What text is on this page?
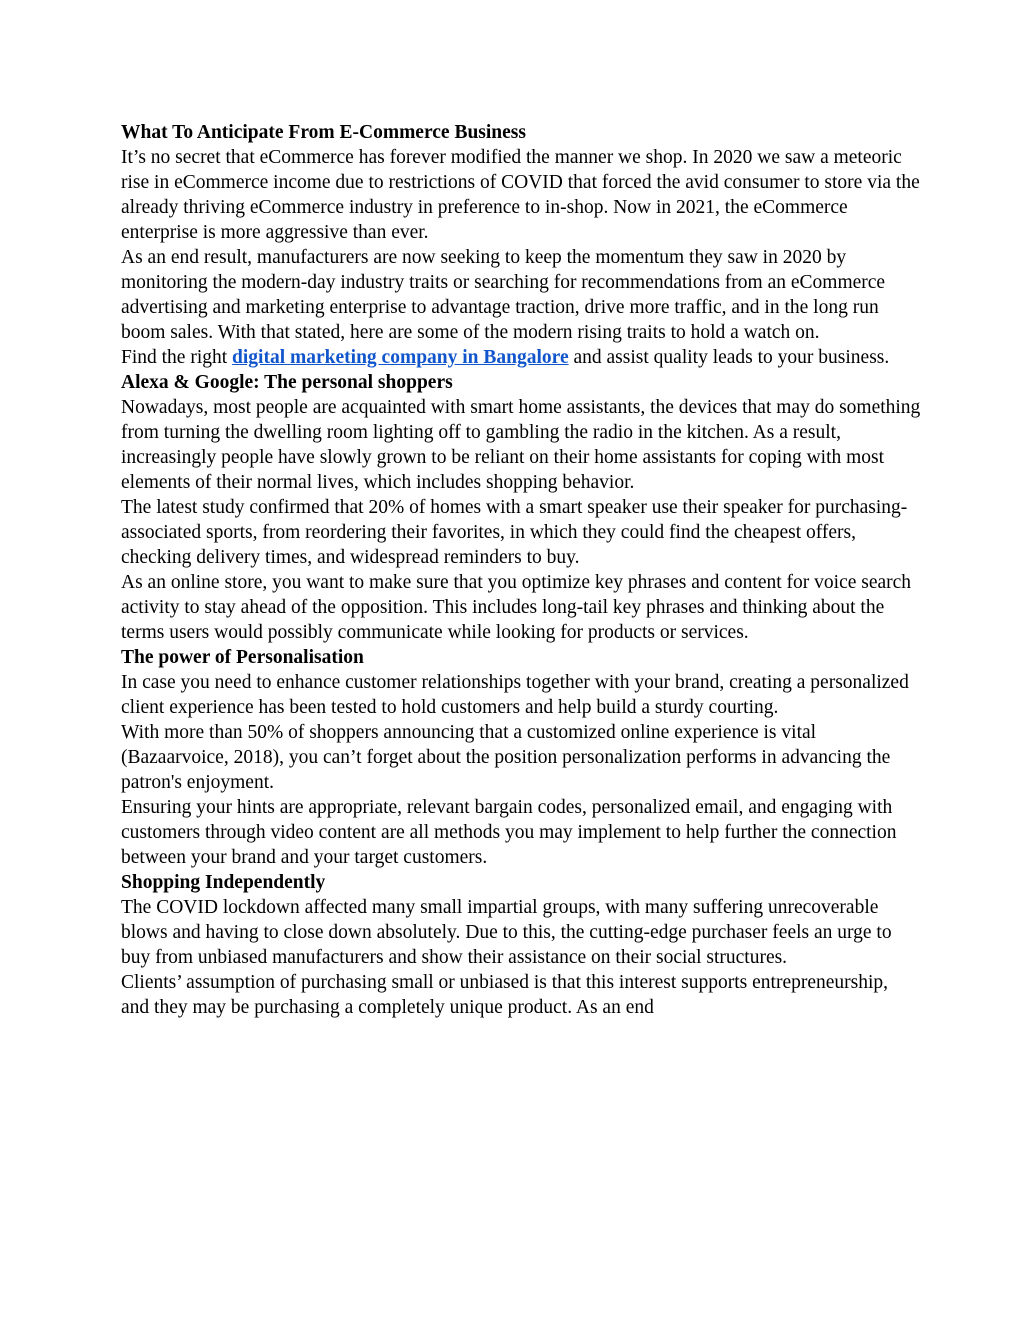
What To Anticipate From E-Commerce Business

It’s no secret that eCommerce has forever modified the manner we shop. In 2020 we saw a meteoric rise in eCommerce income due to restrictions of COVID that forced the avid consumer to store via the already thriving eCommerce industry in preference to in-shop. Now in 2021, the eCommerce enterprise is more aggressive than ever.

As an end result, manufacturers are now seeking to keep the momentum they saw in 2020 by monitoring the modern-day industry traits or searching for recommendations from an eCommerce advertising and marketing enterprise to advantage traction, drive more traffic, and in the long run boom sales. With that stated, here are some of the modern rising traits to hold a watch on.

Find the right digital marketing company in Bangalore and assist quality leads to your business.

Alexa & Google: The personal shoppers

Nowadays, most people are acquainted with smart home assistants, the devices that may do something from turning the dwelling room lighting off to gambling the radio in the kitchen. As a result, increasingly people have slowly grown to be reliant on their home assistants for coping with most elements of their normal lives, which includes shopping behavior.

The latest study confirmed that 20% of homes with a smart speaker use their speaker for purchasing-associated sports, from reordering their favorites, in which they could find the cheapest offers, checking delivery times, and widespread reminders to buy.

As an online store, you want to make sure that you optimize key phrases and content for voice search activity to stay ahead of the opposition. This includes long-tail key phrases and thinking about the terms users would possibly communicate while looking for products or services.

The power of Personalisation

In case you need to enhance customer relationships together with your brand, creating a personalized client experience has been tested to hold customers and help build a sturdy courting.

With more than 50% of shoppers announcing that a customized online experience is vital (Bazaarvoice, 2018), you can’t forget about the position personalization performs in advancing the patron's enjoyment.

Ensuring your hints are appropriate, relevant bargain codes, personalized email, and engaging with customers through video content are all methods you may implement to help further the connection between your brand and your target customers.

Shopping Independently

The COVID lockdown affected many small impartial groups, with many suffering unrecoverable blows and having to close down absolutely. Due to this, the cutting-edge purchaser feels an urge to buy from unbiased manufacturers and show their assistance on their social structures.

Clients’ assumption of purchasing small or unbiased is that this interest supports entrepreneurship, and they may be purchasing a completely unique product. As an end
